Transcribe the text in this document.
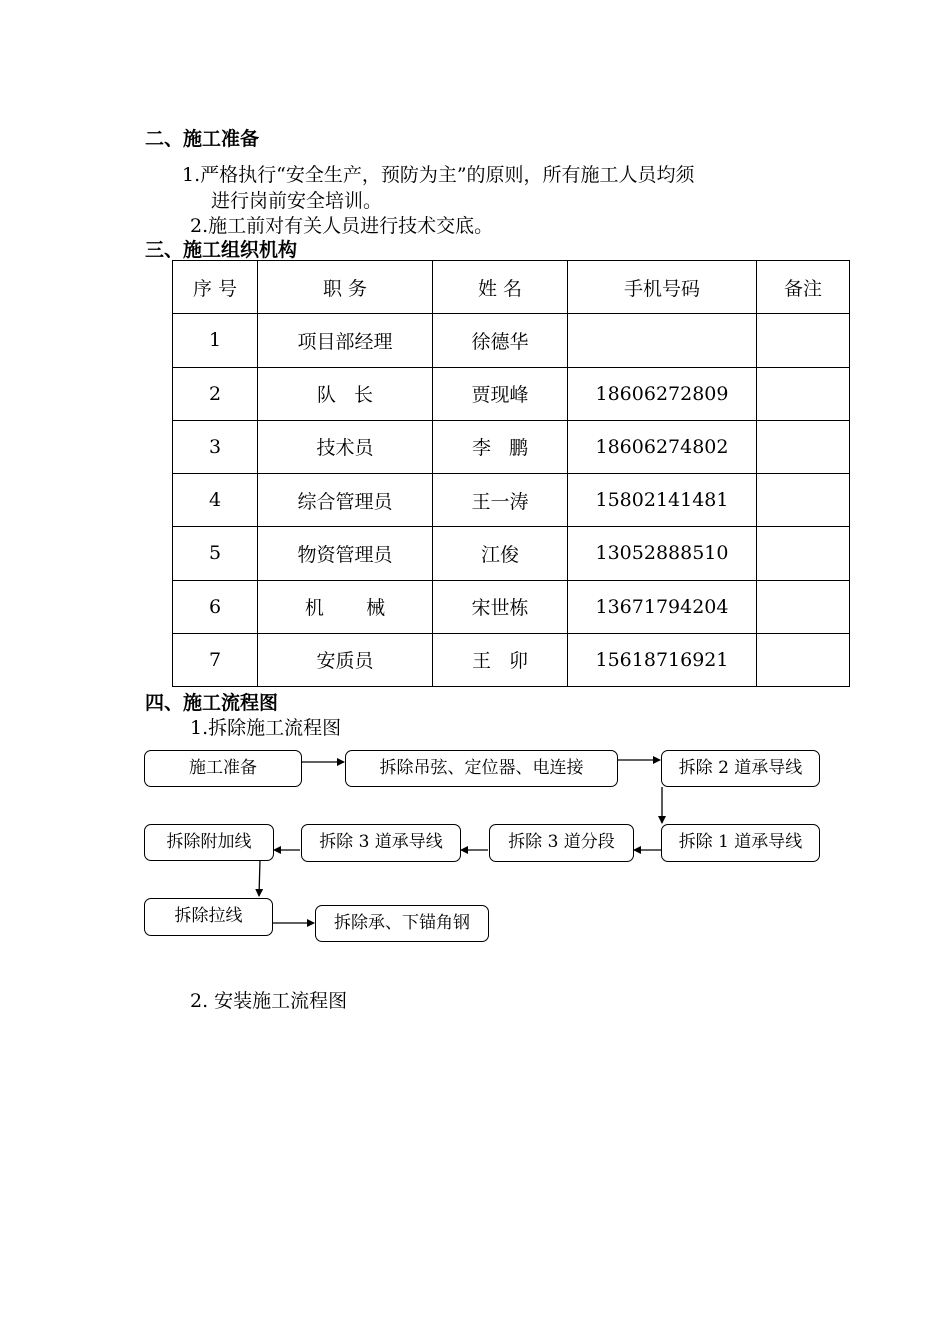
二、施工准备
1.严格执行“安全生产，预防为主”的原则，所有施工人员均须
进行岗前安全培训。
2.施工前对有关人员进行技术交底。
三、施工组织机构
序 号	职 务	姓 名	手机号码	备注
1	项目部经理	徐德华		
2	队   长	贾现峰	18606272809	
3	技术员	李   鹏	18606274802	
4	综合管理员	王一涛	15802141481	
5	物资管理员	江俊	13052888510	
6	机       械	宋世栋	13671794204	
7	安质员	王   卯	15618716921	
四、施工流程图
1.拆除施工流程图
施工准备	拆除吊弦、定位器、电连接	拆除 2 道承导线
拆除 1 道承导线
拆除 3 道分段
拆除 3 道承导线
拆除附加线
拆除拉线	拆除承、下锚角钢
2. 安装施工流程图
